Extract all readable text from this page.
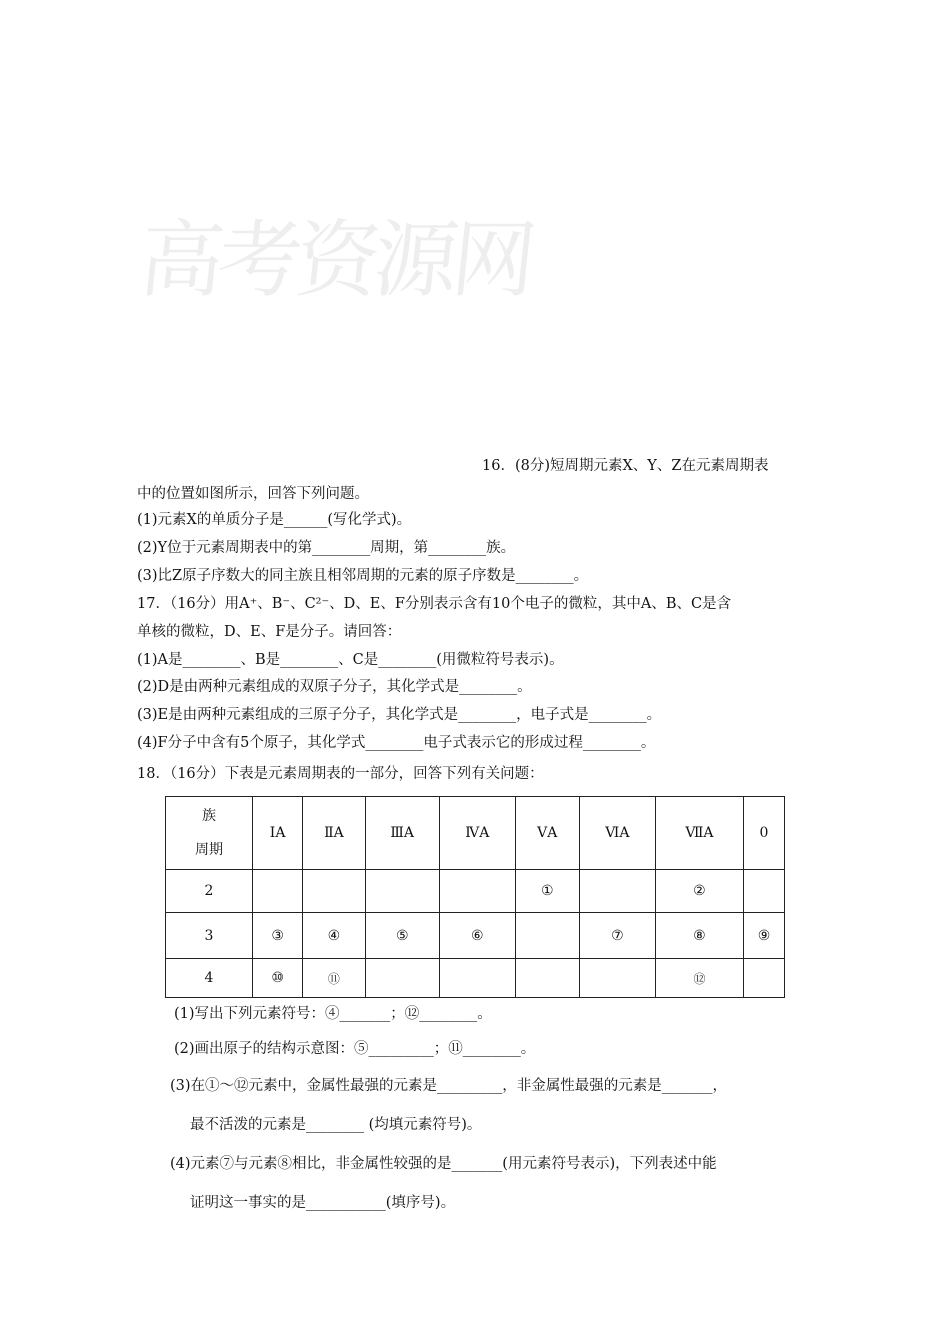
高考资源网
16．(8分)短周期元素X、Y、Z在元素周期表
中的位置如图所示，回答下列问题。
(1)元素X的单质分子是______(写化学式)。
(2)Y位于元素周期表中的第________周期，第________族。
(3)比Z原子序数大的同主族且相邻周期的元素的原子序数是________。
17．（16分）用A⁺、B⁻、C²⁻、D、E、F分别表示含有10个电子的微粒，其中A、B、C是含
单核的微粒，D、E、F是分子。请回答：
(1)A是________、B是________、C是________(用微粒符号表示)。
(2)D是由两种元素组成的双原子分子，其化学式是________。
(3)E是由两种元素组成的三原子分子，其化学式是________，电子式是________。
(4)F分子中含有5个原子，其化学式________电子式表示它的形成过程________。
18．（16分）下表是元素周期表的一部分，回答下列有关问题：
族
周期	ⅠA	ⅡA	ⅢA	ⅣA	ⅤA	ⅥA	ⅦA	0
2					①		②	
3	③	④	⑤	⑥		⑦	⑧	⑨
4	⑩	⑪					⑫	
(1)写出下列元素符号：④_______；⑫________。
(2)画出原子的结构示意图：⑤_________；⑪________。
(3)在①～⑫元素中，金属性最强的元素是_________，非金属性最强的元素是_______，
最不活泼的元素是________ (均填元素符号)。
(4)元素⑦与元素⑧相比，非金属性较强的是_______(用元素符号表示)，下列表述中能
证明这一事实的是___________(填序号)。
